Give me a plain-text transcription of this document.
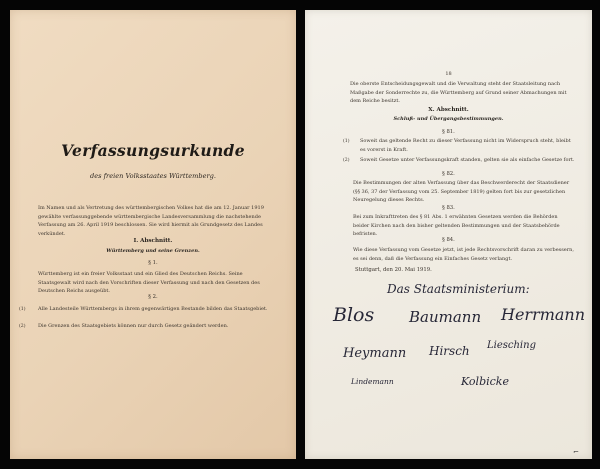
Verfassungsurkunde
des freien Volksstaates Württemberg.
Im Namen und als Vertretung des württembergischen Volkes hat die am 12. Januar 1919 gewählte verfassunggebende württembergische Landesversammlung die nachstehende Verfassung am 26. April 1919 beschlossen. Sie wird hiermit als Grundgesetz des Landes verkündet.
I. Abschnitt.
Württemberg und seine Grenzen.
§ 1.
Württemberg ist ein freier Volksstaat und ein Glied des Deutschen Reichs. Seine Staatsgewalt wird nach den Vorschriften dieser Verfassung und nach den Gesetzen des Deutschen Reichs ausgeübt.
§ 2.
(1) Alle Landesteile Württembergs in ihrem gegenwärtigen Bestande bilden das Staatsgebiet.
(2) Die Grenzen des Staatsgebiets können nur durch Gesetz geändert werden.
18
Die oberste Entscheidungsgewalt und die Verwaltung steht der Staatsleitung nach Maßgabe der Sonderrechte zu, die Württemberg auf Grund seiner Abmachungen mit dem Reiche besitzt.
X. Abschnitt.
Schluß- und Übergangsbestimmungen.
§ 81.
(1) Soweit das geltende Recht zu dieser Verfassung nicht im Widerspruch steht, bleibt es vorerst in Kraft.
(2) Soweit Gesetze unter Verfassungskraft standen, gelten sie als einfache Gesetze fort.
§ 82.
Die Bestimmungen der alten Verfassung über das Beschwerderecht der Staatsdiener (§§ 36, 37 der Verfassung vom 25. September 1819) gelten fort bis zur gesetzlichen Neuregelung dieses Rechts.
§ 83.
Bei zum Inkrafttreten des § 81 Abs. 1 erwähnten Gesetzen werden die Behörden beider Kirchen nach den bisher geltenden Bestimmungen und der Staatsbehörde befristen.
§ 84.
Wie diese Verfassung vom Gesetze jetzt, ist jede Rechtsvorschrift daran zu verbessern, es sei denn, daß die Verfassung ein Einfaches Gesetz verlangt.
Stuttgart, den 20. Mai 1919.
Das Staatsministerium:
Blos Baumann Herrmann
Heymann Hirsch Liesching
Lindemann	Kolbicke
⌐
